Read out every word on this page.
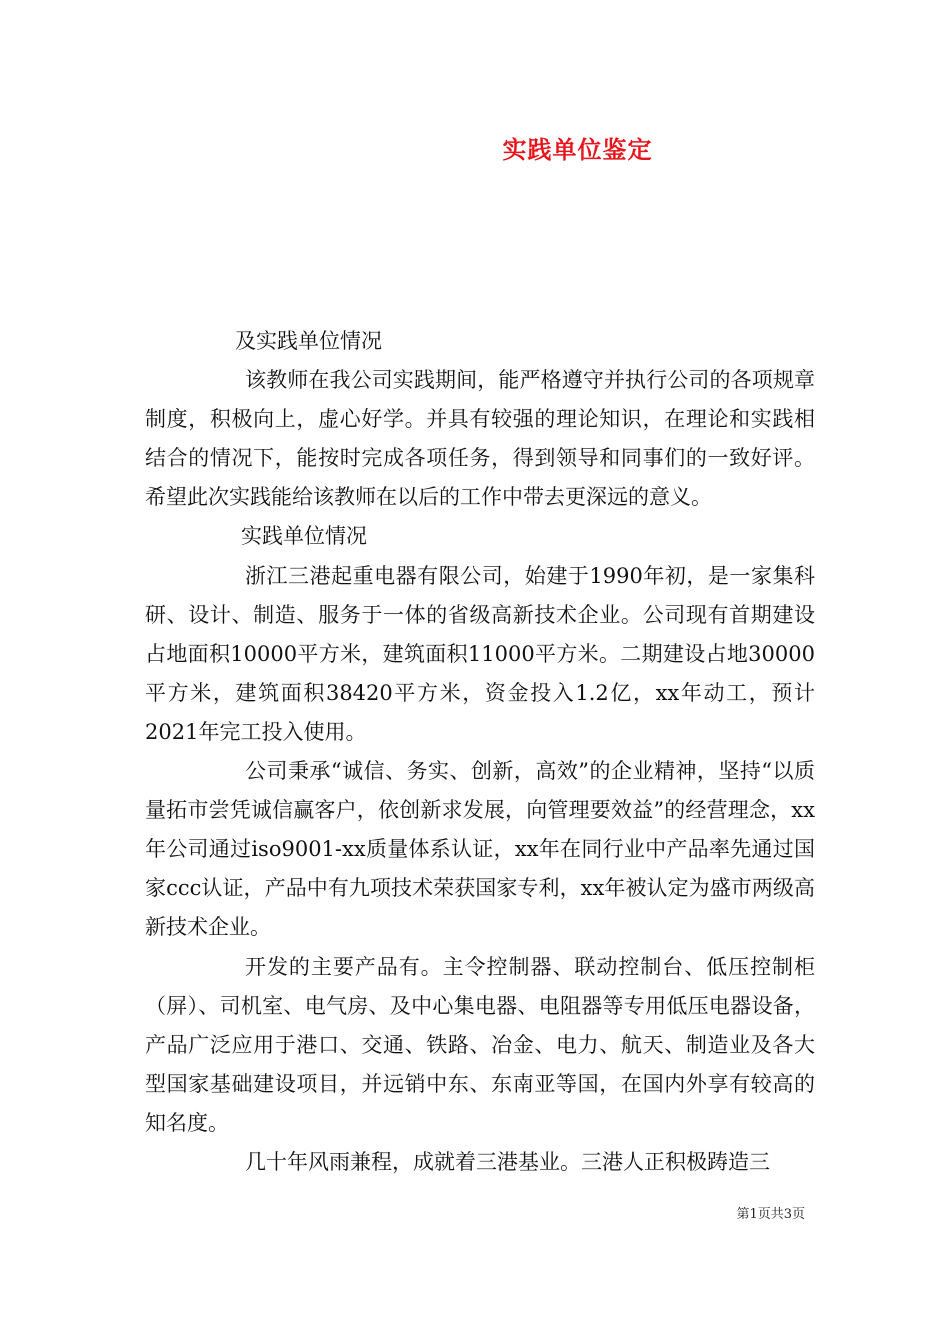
实践单位鉴定

及实践单位情况

该教师在我公司实践期间，能严格遵守并执行公司的各项规章制度，积极向上，虚心好学。并具有较强的理论知识，在理论和实践相结合的情况下，能按时完成各项任务，得到领导和同事们的一致好评。希望此次实践能给该教师在以后的工作中带去更深远的意义。

实践单位情况

浙江三港起重电器有限公司，始建于1990年初，是一家集科研、设计、制造、服务于一体的省级高新技术企业。公司现有首期建设占地面积10000平方米，建筑面积11000平方米。二期建设占地30000平方米，建筑面积38420平方米，资金投入1.2亿，xx年动工，预计2021年完工投入使用。

公司秉承“诚信、务实、创新，高效”的企业精神，坚持“以质量拓市尝凭诚信赢客户，依创新求发展，向管理要效益”的经营理念，xx年公司通过iso9001-xx质量体系认证，xx年在同行业中产品率先通过国家ccc认证，产品中有九项技术荣获国家专利，xx年被认定为盛市两级高新技术企业。

开发的主要产品有。主令控制器、联动控制台、低压控制柜（屏）、司机室、电气房、及中心集电器、电阻器等专用低压电器设备，产品广泛应用于港口、交通、铁路、冶金、电力、航天、制造业及各大型国家基础建设项目，并远销中东、东南亚等国，在国内外享有较高的知名度。

几十年风雨兼程，成就着三港基业。三港人正积极踌造三

第1页共3页
